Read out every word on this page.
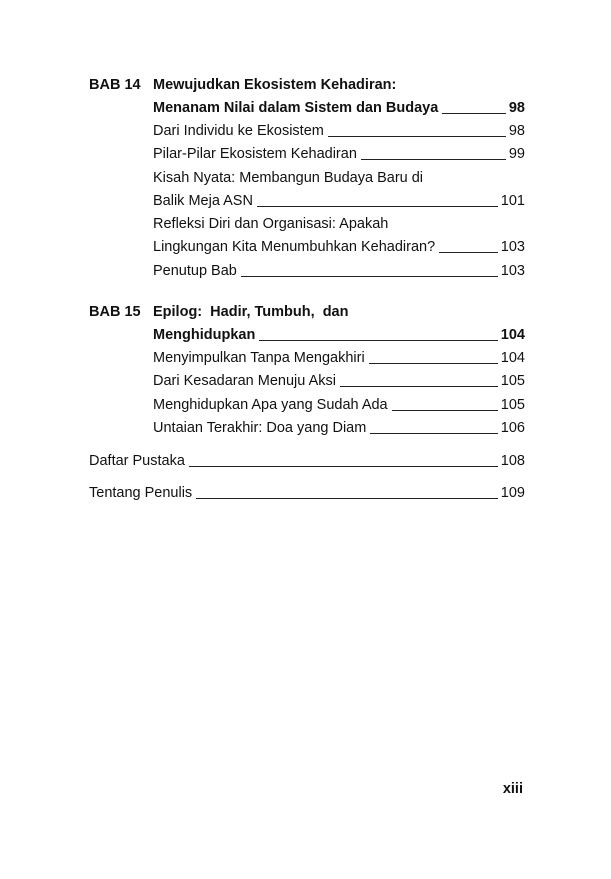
BAB 14 Mewujudkan Ekosistem Kehadiran:
Menanam Nilai dalam Sistem dan Budaya	98
Dari Individu ke Ekosistem	98
Pilar-Pilar Ekosistem Kehadiran	99
Kisah Nyata: Membangun Budaya Baru di
Balik Meja ASN	101
Refleksi Diri dan Organisasi: Apakah
Lingkungan Kita Menumbuhkan Kehadiran?	103
Penutup Bab	103
BAB 15 Epilog:  Hadir, Tumbuh,  dan
Menghidupkan	104
Menyimpulkan Tanpa Mengakhiri	104
Dari Kesadaran Menuju Aksi	105
Menghidupkan Apa yang Sudah Ada	105
Untaian Terakhir: Doa yang Diam	106
Daftar Pustaka	108
Tentang Penulis	109
xiii
